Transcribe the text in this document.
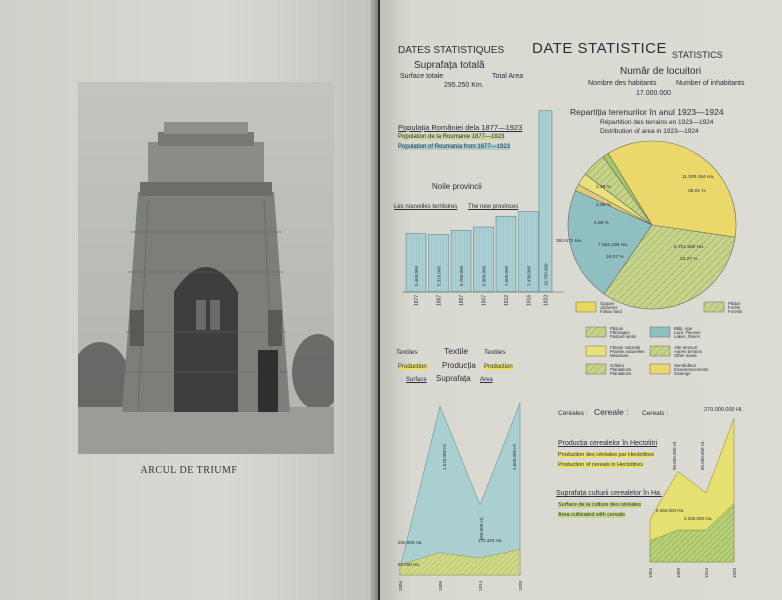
ARCUL DE TRIUMF
DATES STATISTIQUES DATE STATISTICE STATISTICS
Suprafața totală
Surface totale	Total Area
295.250 Km.
Număr de locuitori
Nombre des habitants	Number of inhabitants
17.000.000
Populația României dela 1877—1923
Population de la Roumanie 1877—1923
Population of Roumania from 1877—1923
Noile provincii
Les nouvelles territoires The new provinces
5.400.000
1877
5.310.000
1887
5.700.000
1897
6.000.000
1907
7.000.000
1912
7.430.000
1916
16.750.000
1923
Repartiția terenurilor în anul 1923—1924
Répartition des terrains en 1923—1924
Distribution of area in 1923—1924
11.000.184 Ha.
38.01 %
7.562.198 Ha.
34.07 %
6.701.590 Ha.
23.27 %
393.672 Ha.
1.36 %
2.48 %
4.98 %
Ogoare
Jachères
Fallow land
Păduri
Forêts
Forests
Pășuni
Pâturages
Pasture lands
Bălți, Ape
Lacs, Fleuves
Lakes, Rivers
Fânețe naturale
Prairies naturelles
Meadows
Alte terenuri
Autres terrains
Other areas
Grădini
Plantations
Plantations
Semănături
Ensemencements
Sowings
Textiles	Textile Textiles
Production Producția Production
Surface Suprafața Area
1.570.000 Hl.
650.000 Hl.
1.600.000 Hl.
170.325 Ha.
200.000 Ha.
60.000 Ha.
1904	1909	1914	1920
Céréales : Cereale : Cereals :	270.000.000 Hl.
Producția cerealelor în Hectolitri
Production des céréales par Hectolitres
Production of cereals in Hectolitres
Suprafața culturii cerealelor în Ha.
Surface de la culture des céréales
Area cultivated with cereals
90.000.000 Hl.	80.000.000 Hl.
6.050.000 Ha.
4.330.000 Ha.
1904	1909	1914	1920
